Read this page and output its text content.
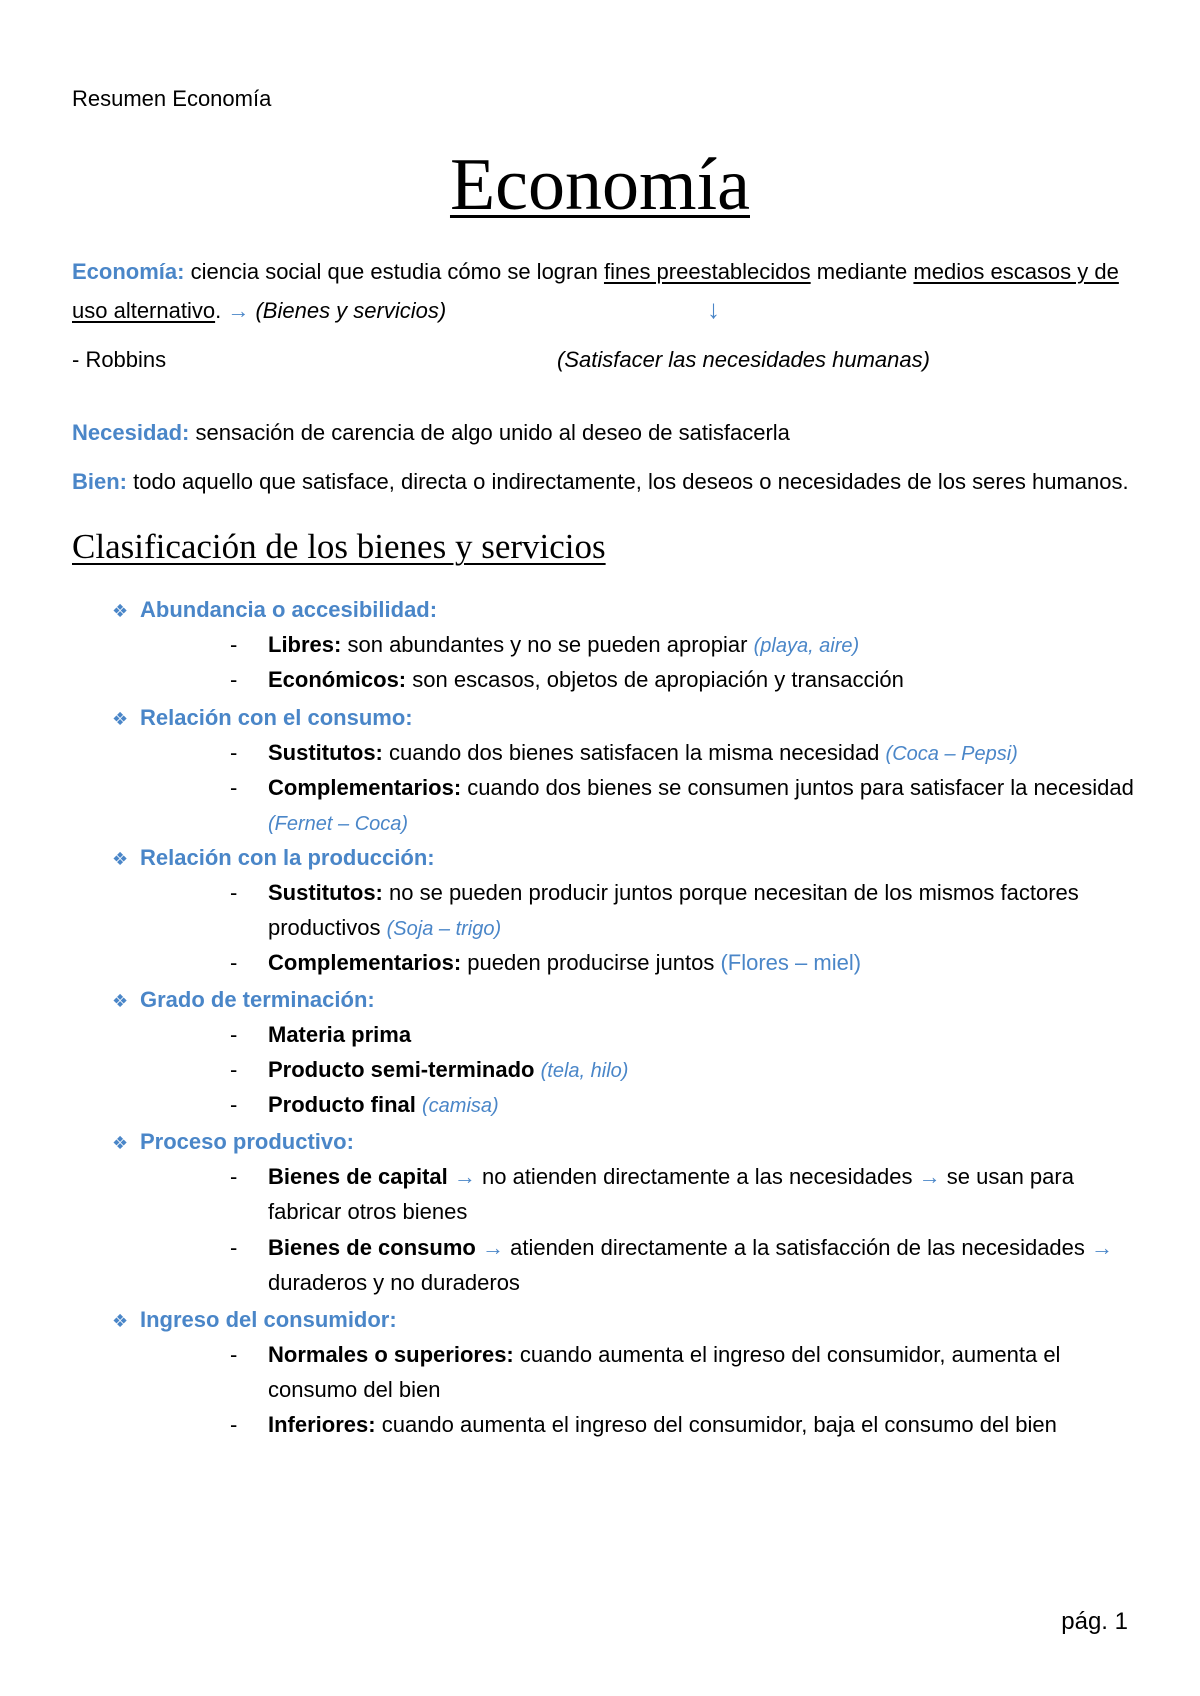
Resumen Economía
Economía
Economía: ciencia social que estudia cómo se logran fines preestablecidos mediante medios escasos y de
uso alternativo. → (Bienes y servicios)	↓
- Robbins	(Satisfacer las necesidades humanas)
Necesidad: sensación de carencia de algo unido al deseo de satisfacerla
Bien: todo aquello que satisface, directa o indirectamente, los deseos o necesidades de los seres humanos.
Clasificación de los bienes y servicios
❖ Abundancia o accesibilidad:
- Libres: son abundantes y no se pueden apropiar (playa, aire)
- Económicos: son escasos, objetos de apropiación y transacción
❖ Relación con el consumo:
- Sustitutos: cuando dos bienes satisfacen la misma necesidad (Coca – Pepsi)
- Complementarios: cuando dos bienes se consumen juntos para satisfacer la necesidad
(Fernet – Coca)
❖ Relación con la producción:
- Sustitutos: no se pueden producir juntos porque necesitan de los mismos factores
productivos (Soja – trigo)
- Complementarios: pueden producirse juntos (Flores – miel)
❖ Grado de terminación:
- Materia prima
- Producto semi-terminado (tela, hilo)
- Producto final (camisa)
❖ Proceso productivo:
- Bienes de capital → no atienden directamente a las necesidades → se usan para
fabricar otros bienes
- Bienes de consumo → atienden directamente a la satisfacción de las necesidades →
duraderos y no duraderos
❖ Ingreso del consumidor:
- Normales o superiores: cuando aumenta el ingreso del consumidor, aumenta el
consumo del bien
- Inferiores: cuando aumenta el ingreso del consumidor, baja el consumo del bien
pág. 1
